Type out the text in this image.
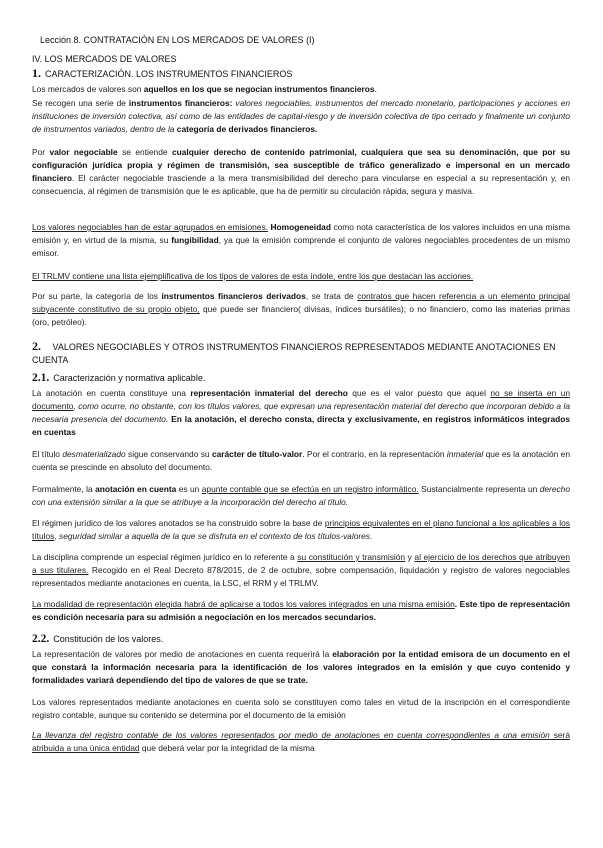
Lección 8. CONTRATACIÓN EN LOS MERCADOS DE VALORES (I)

IV. LOS MERCADOS DE VALORES

1. CARACTERIZACIÓN. LOS INSTRUMENTOS FINANCIEROS

Los mercados de valores son aquellos en los que se negocian instrumentos financieros.

Se recogen una serie de instrumentos financieros: valores negociables, instrumentos del mercado monetario, participaciones y acciones en instituciones de inversión colectiva, así como de las entidades de capital-riesgo y de inversión colectiva de tipo cerrado y finalmente un conjunto de instrumentos variados, dentro de la categoría de derivados financieros.

Por valor negociable se entiende cualquier derecho de contenido patrimonial, cualquiera que sea su denominación, que por su configuración jurídica propia y régimen de transmisión, sea susceptible de tráfico generalizado e impersonal en un mercado financiero. El carácter negociable trasciende a la mera transmisibilidad del derecho para vincularse en especial a su representación y, en consecuencia, al régimen de transmisión que le es aplicable, que ha de permitir su circulación rápida, segura y masiva.

Los valores negociables han de estar agrupados en emisiones. Homogeneidad como nota característica de los valores incluidos en una misma emisión y, en virtud de la misma, su fungibilidad, ya que la emisión comprende el conjunto de valores negociables procedentes de un mismo emisor.

El TRLMV contiene una lista ejemplificativa de los tipos de valores de esta índole, entre los que destacan las acciones.

Por su parte, la categoría de los instrumentos financieros derivados, se trata de contratos que hacen referencia a un elemento principal subyacente constitutivo de su propio objeto, que puede ser financiero( divisas, índices bursátiles); o no financiero, como las materias primas (oro, petróleo).

2. VALORES NEGOCIABLES Y OTROS INSTRUMENTOS FINANCIEROS REPRESENTADOS MEDIANTE ANOTACIONES EN CUENTA

2.1. Caracterización y normativa aplicable.

La anotación en cuenta constituye una representación inmaterial del derecho que es el valor puesto que aquel no se inserta en un documento, como ocurre, no obstante, con los títulos valores, que expresan una representación material del derecho que incorporan debido a la necesaria presencia del documento. En la anotación, el derecho consta, directa y exclusivamente, en registros informáticos integrados en cuentas

El título desmaterializado sigue conservando su carácter de título-valor. Por el contrario, en la representación inmaterial que es la anotación en cuenta se prescinde en absoluto del documento.

Formalmente, la anotación en cuenta es un apunte contable que se efectúa en un registro informático. Sustancialmente representa un derecho con una extensión similar a la que se atribuye a la incorporación del derecho al título.

El régimen jurídico de los valores anotados se ha construido sobre la base de principios equivalentes en el plano funcional a los aplicables a los títulos, seguridad similar a aquella de la que se disfruta en el contexto de los títulos-valores.

La disciplina comprende un especial régimen jurídico en lo referente a su constitución y transmisión y al ejercicio de los derechos que atribuyen a sus titulares. Recogido en el Real Decreto 878/2015, de 2 de octubre, sobre compensación, liquidación y registro de valores negociables representados mediante anotaciones en cuenta, la LSC, el RRM y el TRLMV.

La modalidad de representación elegida habrá de aplicarse a todos los valores integrados en una misma emisión. Este tipo de representación es condición necesaria para su admisión a negociación en los mercados secundarios.

2.2. Constitución de los valores.

La representación de valores por medio de anotaciones en cuenta requerirá la elaboración por la entidad emisora de un documento en el que constará la información necesaria para la identificación de los valores integrados en la emisión y que cuyo contenido y formalidades variará dependiendo del tipo de valores de que se trate.

Los valores representados mediante anotaciones en cuenta solo se constituyen como tales en virtud de la inscripción en el correspondiente registro contable, aunque su contenido se determina por el documento de la emisión

La llevanza del registro contable de los valores representados por medio de anotaciones en cuenta correspondientes a una emisión será atribuida a una única entidad que deberá velar por la integridad de la misma
